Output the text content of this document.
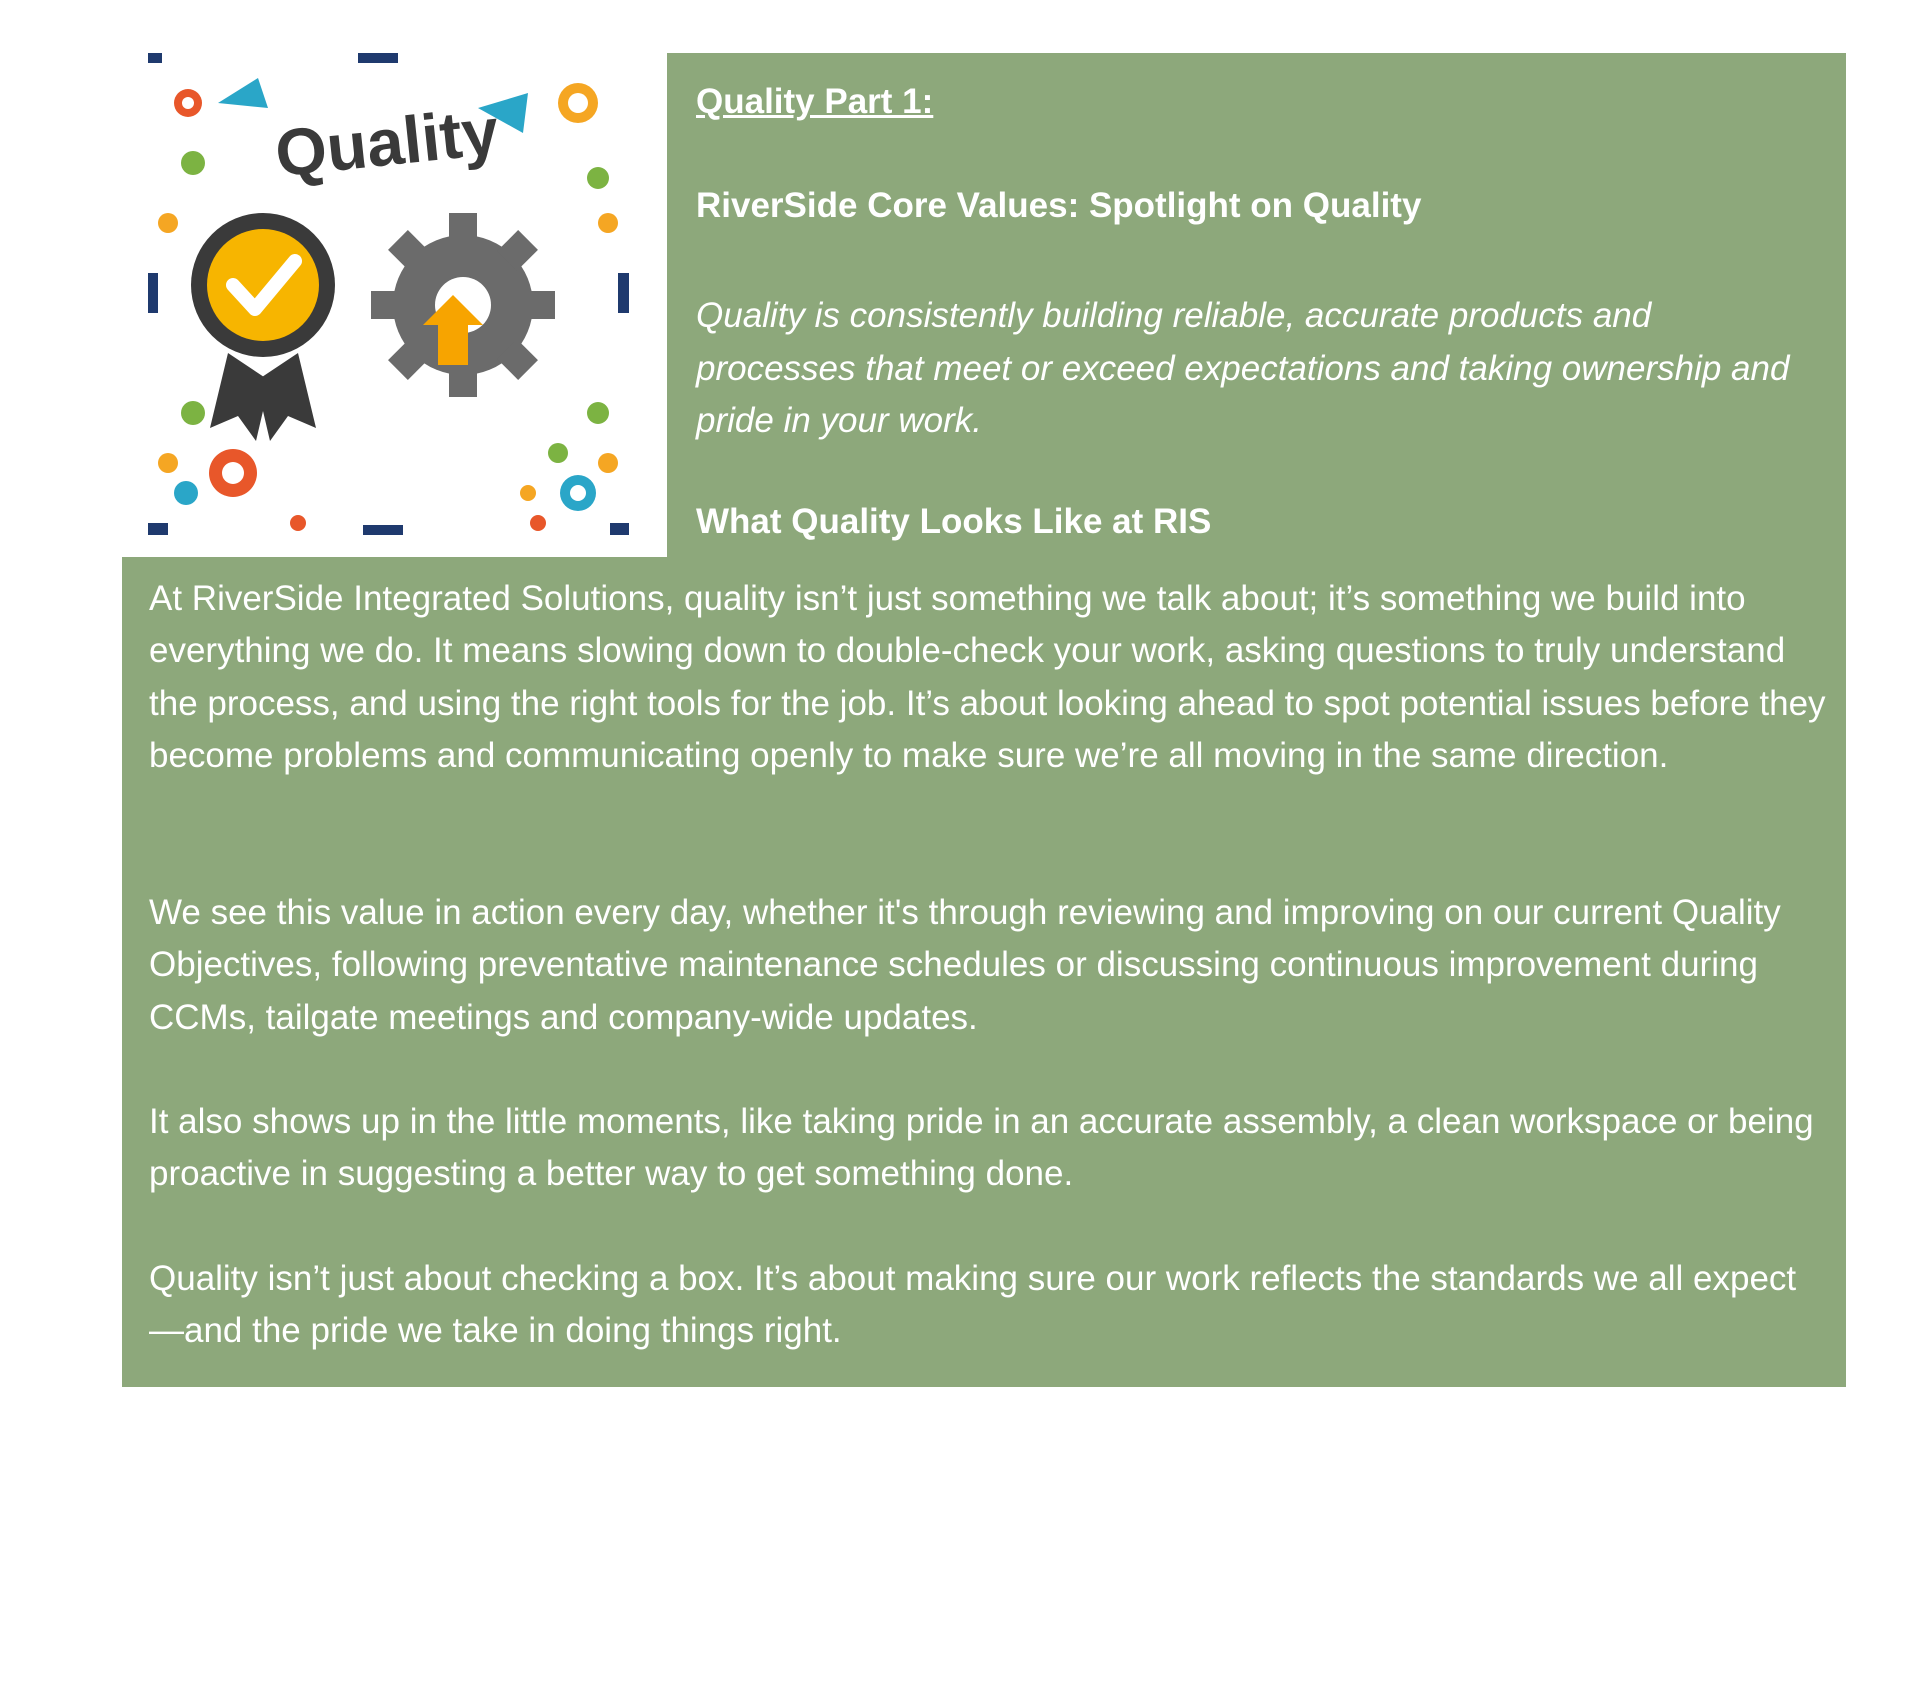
Quality	Quality Part 1:
RiverSide Core Values: Spotlight on Quality
Quality is consistently building reliable, accurate products and processes that meet or exceed expectations and taking ownership and pride in your work.
What Quality Looks Like at RIS
At RiverSide Integrated Solutions, quality isn’t just something we talk about; it’s something we build into everything we do. It means slowing down to double-check your work, asking questions to truly understand the process, and using the right tools for the job. It’s about looking ahead to spot potential issues before they become problems and communicating openly to make sure we’re all moving in the same direction.
We see this value in action every day, whether it's through reviewing and improving on our current Quality Objectives, following preventative maintenance schedules or discussing continuous improvement during CCMs, tailgate meetings and company-wide updates.
It also shows up in the little moments, like taking pride in an accurate assembly, a clean workspace or being proactive in suggesting a better way to get something done.
Quality isn’t just about checking a box. It’s about making sure our work reflects the standards we all expect—and the pride we take in doing things right.
